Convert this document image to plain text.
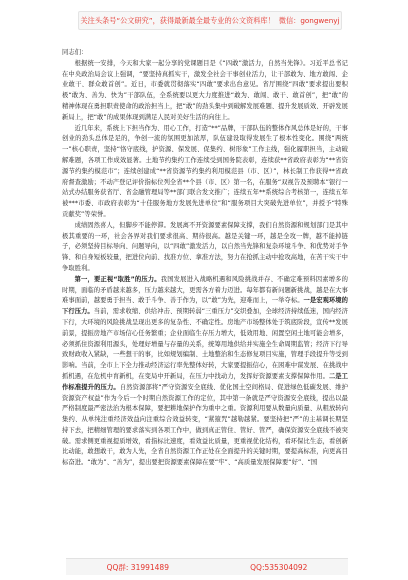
关注头条号“公文研究”，获得最新最全最专业的公文资料库！ 微信：gongwenyj

同志们：

根据统一安排，今天和大家一起分享的党课题目是《“四敢”激活力，自然当先锋》。习近平总书记在中央政治局会议上强调，“要坚持真抓实干，激发全社会干事创业活力，让干部敢为、地方敢闯、企业敢干、群众敢首创”。近日，市委就贯彻落实“四敢”要求出台意见。省厅围绕“四敢”要求提出要积极“敢为、善为、快为”干部队伍，全系统要以更大力度推进“敢为、敢闯、敢干、敢首创”，把“敢”的精神体现在勇担职责使命的政治担当上，把“敢”的劲头集中到破解发展难题、提升发展质效、开辟发展新局上，把“敢”的成果体现到满足人民对美好生活的向往上。

近几年来，系统上下担当作为、用心工作，打造“**”品牌，干部队伍的整体作风总体是好的，干事创业的劲头总体是足的，争创一流的氛围更加浓厚，队伍建设取得发展生了根本性变化。围绕“两统一”核心职责，坚持“恪守底线，护资源、保发展、促集约、树形象”工作主线，强化履职担当，主动破解难题，各项工作成效显著。土地节约集约工作连续受到国务院表彰，连续获**省政府表彰为“**省资源节约集约模范市”；连续创建成“**省资源节约集约利用模范县（市、区）”，林长制工作获得**省政府督查激励；不动产登记评价指标位列全省**个县（市、区）第一名，在服务“双视告及预聘本”银行一站式办结服务获省厅、省金融管理局等**部门联合发文推广；连续五年**系统综合考核第一，连续五年被***市委、市政府表彰为“十佳服务地方发展先进单位”和“服务项目大突破先进单位”，并授予“特殊贡献奖”等荣誉。

成绩固然喜人，但脚步不能停滞。发展离不开资源要素保障支撑，我们自然资源和规划部门是其中极其重要的一环，社会各界对我们要求很高、期待很高。越是关键一环，越是全攻一牌，越不能掉链子，必须坚持目标导向、问题导向，以“四敢”激发活力，以自然当先锋和复杂环境斗争、和优势对手争锋、和自身短板较量，把进位向前、找准方位、拿准方法，努力在抢抓主动中抢攻高地，在苦干实干中争取胜利。

第一，要正视“取胜”的压力。我国发展进入战略机遇和风险挑战并存、不确定难预料因素增多的时期，面临的矛盾越来越多，压力越来越大，更需各方着力迈进。每年都有新问题新挑战，越是在大事难事面前，越要勇于担当、敢于斗争、善于作为，以“敢”为先，迎难而上，一举夺标。一是宏观环境的下行压力。当前，需求收缩、供给冲击、预期转弱“三重压力”交织叠加，全球经济持续低迷，国内经济下行，大环境的风险挑战呈现出更多的复杂性、不确定性。房地产市场整体处于筑底阶段，宣传**发展前景，提振房地产市场信心任务繁重；企业面临生存压力增大，低效用地、闲置空闲土地可能会增多，必须抓住资源利用源头，处理好增量与存量的关系，统筹用地供给并实施全生命周期监管；经济下行导致财政收入紧缺，一些想干的事，比如规划编制、土地整治和生态修复项目实施，管理手段提升等受到影响。当前，全市上下全力推动经济运行率先整体好转，大家要提振信心，在困难中谋发展、在挑战中抓机遇，在危机中育新机，在变局中开新局，在压力中找动力，发挥好资源要素支撑保障作用。二是工作标准提升的压力。自然资源部将“严守资源安全底线、优化国土空间格局、促进绿色低碳发展、维护资源资产权益”作为今后一个时期自然资源工作的定位，其中第一条就是严守资源安全底线，提出以最严格制度最严密法治为根本保障，要把耕地保护作为重中之重。资源利用要从数量向质量、从粗放转向集约、从单纯注重经济效益向注重综合效益转变，“紧箍咒”越勒越紧。要坚持把“严”的主基调长期坚持下去，把精细管理的要求落实到各项工作中，做到真正管住、管好、管严，确保资源安全底线不被突破。需求侧更重视提质增效，看指标比速度，看效益比质量，更重视优化结构，看环保比生态，看创新比动能，敢想敢干，敢为人先，全省自然资源工作正处在全面提升的关键时期，要提高标准，向更高目标奋进。“敢为”、“善为”，提出要把资源要素保障在要“牢”、“高质量发展保障要“好”、“国

QQ群: 31991489	QQ:535304092
